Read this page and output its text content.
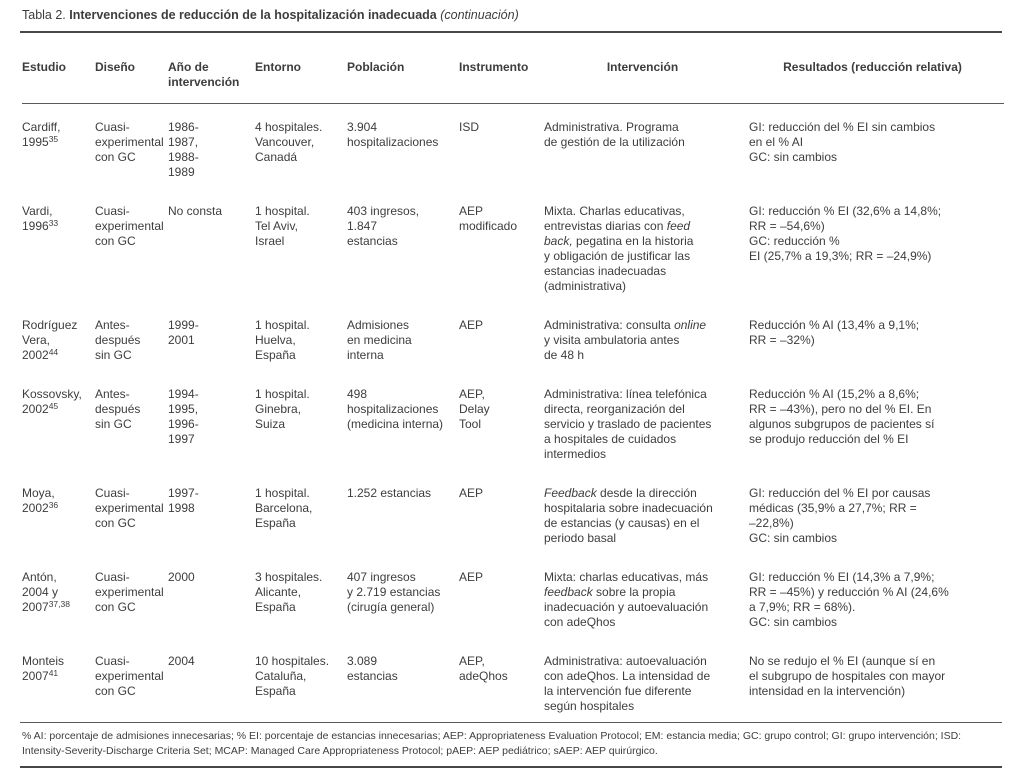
Tabla 2. Intervenciones de reducción de la hospitalización inadecuada (continuación)
Estudio	Diseño	Año de intervención	Entorno	Población	Instrumento	Intervención	Resultados (reducción relativa)
Cardiff,
1995$^{35}$	Cuasi-
experimental
con GC	1986-
1987,
1988-
1989	4 hospitales.
Vancouver,
Canadá	3.904
hospitalizaciones	ISD	Administrativa. Programa
de gestión de la utilización	GI: reducción del % EI sin cambios
en el % AI
GC: sin cambios
Vardi,
1996$^{33}$	Cuasi-
experimental
con GC	No consta	1 hospital.
Tel Aviv,
Israel	403 ingresos,
1.847
estancias	AEP
modificado	Mixta. Charlas educativas,
entrevistas diarias con feed
back, pegatina en la historia
y obligación de justificar las
estancias inadecuadas
(administrativa)	GI: reducción % EI (32,6% a 14,8%;
RR = –54,6%)
GC: reducción %
EI (25,7% a 19,3%; RR = –24,9%)
Rodríguez
Vera,
2002$^{44}$	Antes-
después
sin GC	1999-
2001	1 hospital.
Huelva,
España	Admisiones
en medicina
interna	AEP	Administrativa: consulta online
y visita ambulatoria antes
de 48 h	Reducción % AI (13,4% a 9,1%;
RR = –32%)
Kossovsky,
2002$^{45}$	Antes-
después
sin GC	1994-
1995,
1996-
1997	1 hospital.
Ginebra,
Suiza	498
hospitalizaciones
(medicina interna)	AEP,
Delay
Tool	Administrativa: línea telefónica
directa, reorganización del
servicio y traslado de pacientes
a hospitales de cuidados
intermedios	Reducción % AI (15,2% a 8,6%;
RR = –43%), pero no del % EI. En
algunos subgrupos de pacientes sí
se produjo reducción del % EI
Moya,
2002$^{36}$	Cuasi-
experimental
con GC	1997-
1998	1 hospital.
Barcelona,
España	1.252 estancias	AEP	Feedback desde la dirección
hospitalaria sobre inadecuación
de estancias (y causas) en el
periodo basal	GI: reducción del % EI por causas
médicas (35,9% a 27,7%; RR =
–22,8%)
GC: sin cambios
Antón,
2004 y
2007$^{37,38}$	Cuasi-
experimental
con GC	2000	3 hospitales.
Alicante,
España	407 ingresos
y 2.719 estancias
(cirugía general)	AEP	Mixta: charlas educativas, más
feedback sobre la propia
inadecuación y autoevaluación
con adeQhos	GI: reducción % EI (14,3% a 7,9%;
RR = –45%) y reducción % AI (24,6%
a 7,9%; RR = 68%).
GC: sin cambios
Monteis
2007$^{41}$	Cuasi-
experimental
con GC	2004	10 hospitales.
Cataluña,
España	3.089
estancias	AEP,
adeQhos	Administrativa: autoevaluación
con adeQhos. La intensidad de
la intervención fue diferente
según hospitales	No se redujo el % EI (aunque sí en
el subgrupo de hospitales con mayor
intensidad en la intervención)

% AI: porcentaje de admisiones innecesarias; % EI: porcentaje de estancias innecesarias; AEP: Appropriateness Evaluation Protocol; EM: estancia media; GC: grupo control; GI: grupo intervención; ISD: Intensity-Severity-Discharge Criteria Set; MCAP: Managed Care Appropriateness Protocol; pAEP: AEP pediátrico; sAEP: AEP quirúrgico.
